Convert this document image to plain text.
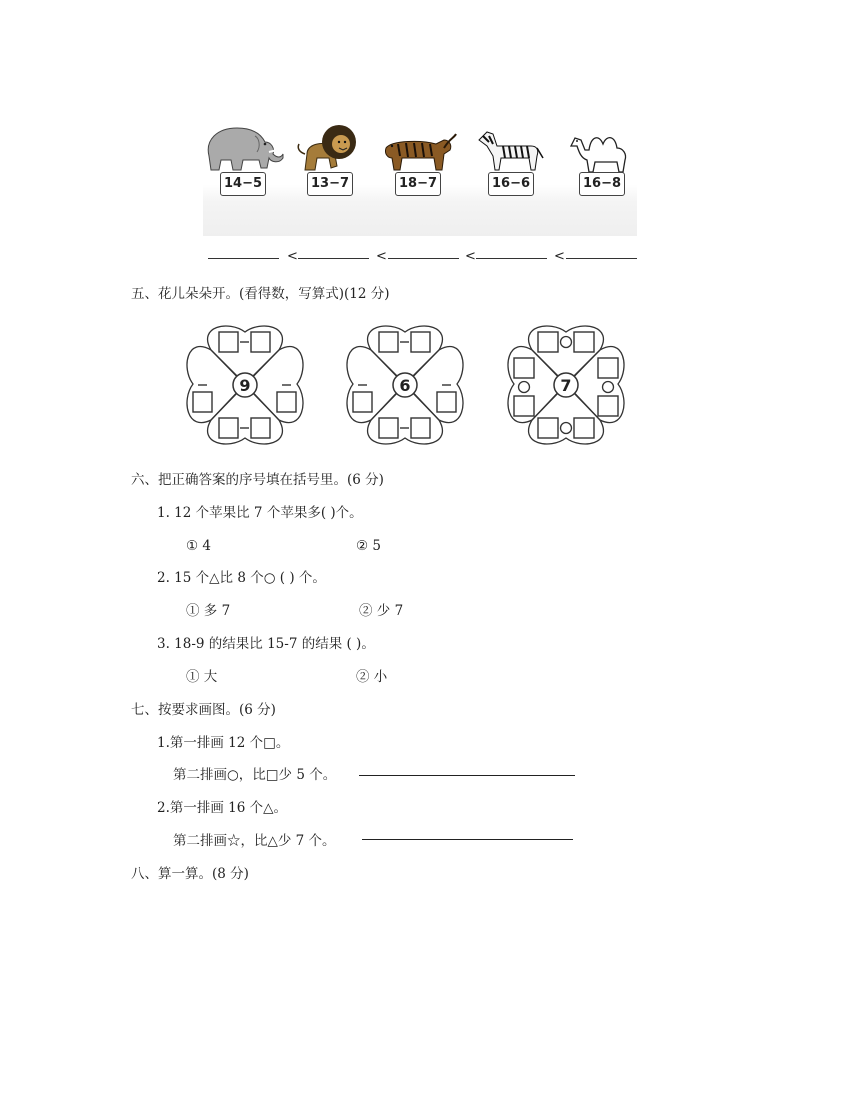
14−5	13−7	18−7	16−6	16−8
<	<	<	<
五、花儿朵朵开。(看得数，写算式)(12 分)
9	6	7
六、把正确答案的序号填在括号里。(6 分)
1. 12 个苹果比 7 个苹果多( )个。
① 4	② 5
2. 15 个△比 8 个○ ( ) 个。
① 多 7	② 少 7
3. 18-9 的结果比 15-7 的结果 ( )。
① 大	② 小
七、按要求画图。(6 分)
1.第一排画 12 个□。
第二排画○，比□少 5 个。
2.第一排画 16 个△。
第二排画☆，比△少 7 个。
八、算一算。(8 分)
